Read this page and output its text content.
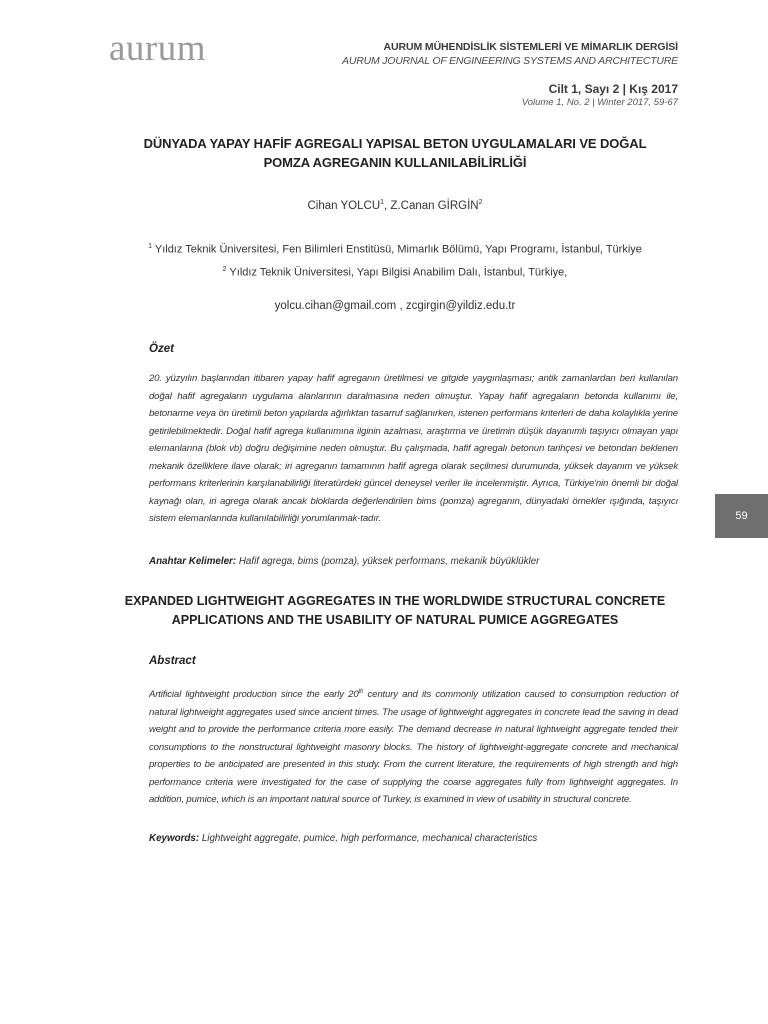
aurum	AURUM MÜHENDİSLİK SİSTEMLERİ VE MİMARLIK DERGİSİ
AURUM JOURNAL OF ENGINEERING SYSTEMS AND ARCHITECTURE
Cilt 1, Sayı 2 | Kış 2017
Volume 1, No. 2 | Winter 2017, 59-67
DÜNYADA YAPAY HAFİF AGREGALI YAPISAL BETON UYGULAMALARI VE DOĞAL
POMZA AGREGANIN KULLANILABİLİRLİĞİ
Cihan YOLCU$^1$, Z.Canan GİRGİN$^2$
$^1$ Yıldız Teknik Üniversitesi, Fen Bilimleri Enstitüsü, Mimarlık Bölümü, Yapı Programı, İstanbul, Türkiye
$^2$ Yıldız Teknik Üniversitesi, Yapı Bilgisi Anabilim Dalı, İstanbul, Türkiye,
yolcu.cihan@gmail.com , zcgirgin@yildiz.edu.tr
Özet
20. yüzyılın başlarından itibaren yapay hafif agreganın üretilmesi ve gitgide yaygınlaşması; antik zamanlardan beri kullanılan doğal hafif agregaların uygulama alanlarının daralmasına neden olmuştur. Yapay hafif agregaların betonda kullanımı ile, betonarme veya ön üretimli beton yapılarda ağırlıktan tasarruf sağlanırken, istenen performans kriterleri de daha kolaylıkla yerine getirilebilmektedir. Doğal hafif agrega kullanımına ilginin azalması, araştırma ve üretimin düşük dayanımlı taşıyıcı olmayan yapı elemanlarına (blok vb) doğru değişimine neden olmuştur. Bu çalışmada, hafif agregalı betonun tarihçesi ve betondan beklenen mekanik özelliklere ilave olarak; iri agreganın tamamının hafif agrega olarak seçilmesi durumunda, yüksek dayanım ve yüksek performans kriterlerinin karşılanabilirliği literatürdeki güncel deneysel veriler ile incelenmiştir. Ayrıca, Türkiye'nin önemli bir doğal kaynağı olan, iri agrega olarak ancak bloklarda değerlendirilen bims (pomza) agreganın, dünyadaki örnekler ışığında, taşıyıcı sistem elemanlarında kullanılabilirliği yorumlanmak-tadır.
Anahtar Kelimeler: Hafif agrega, bims (pomza), yüksek performans, mekanik büyüklükler
EXPANDED LIGHTWEIGHT AGGREGATES IN THE WORLDWIDE STRUCTURAL CONCRETE
APPLICATIONS AND THE USABILITY OF NATURAL PUMICE AGGREGATES
Abstract
Artificial lightweight production since the early 20th century and its commonly utilization caused to consumption reduction of natural lightweight aggregates used since ancient times. The usage of lightweight aggregates in concrete lead the saving in dead weight and to provide the performance criteria more easily. The demand decrease in natural lightweight aggregate tended their consumptions to the nonstructural lightweight masonry blocks. The history of lightweight-aggregate concrete and mechanical properties to be anticipated are presented in this study. From the current literature, the requirements of high strength and high performance criteria were investigated for the case of supplying the coarse aggregates fully from lightweight aggregates. In addition, pumice, which is an important natural source of Turkey, is examined in view of usability in structural concrete.
Keywords: Lightweight aggregate, pumice, high performance, mechanical characteristics
59
